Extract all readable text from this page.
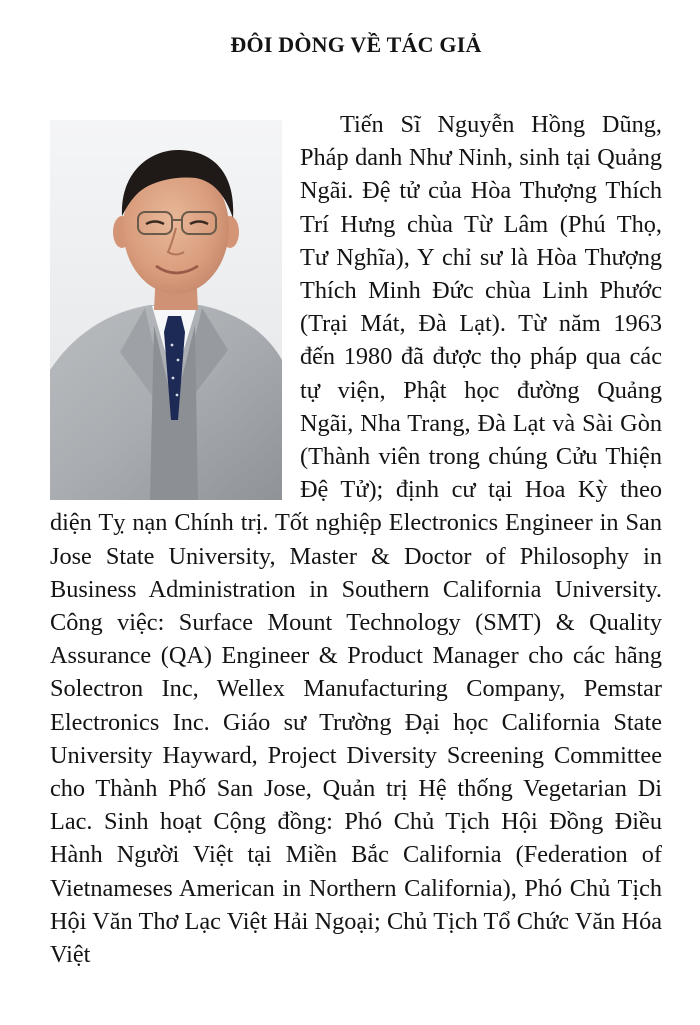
ĐÔI DÒNG VỀ TÁC GIẢ
Tiến Sĩ Nguyễn Hồng Dũng, Pháp danh Như Ninh, sinh tại Quảng Ngãi. Đệ tử của Hòa Thượng Thích Trí Hưng chùa Từ Lâm (Phú Thọ, Tư Nghĩa), Y chỉ sư là Hòa Thượng Thích Minh Đức chùa Linh Phước (Trại Mát, Đà Lạt). Từ năm 1963 đến 1980 đã được thọ pháp qua các tự viện, Phật học đường Quảng Ngãi, Nha Trang, Đà Lạt và Sài Gòn (Thành viên trong chúng Cửu Thiện Đệ Tử); định cư tại Hoa Kỳ theo diện Tỵ nạn Chính trị. Tốt nghiệp Electronics Engineer in San Jose State University, Master & Doctor of Philosophy in Business Administration in Southern California University. Công việc: Surface Mount Technology (SMT) & Quality Assurance (QA) Engineer & Product Manager cho các hãng Solectron Inc, Wellex Manufacturing Company, Pemstar Electronics Inc. Giáo sư Trường Đại học California State University Hayward, Project Diversity Screening Committee cho Thành Phố San Jose, Quản trị Hệ thống Vegetarian Di Lac. Sinh hoạt Cộng đồng: Phó Chủ Tịch Hội Đồng Điều Hành Người Việt tại Miền Bắc California (Federation of Vietnameses American in Northern California), Phó Chủ Tịch Hội Văn Thơ Lạc Việt Hải Ngoại; Chủ Tịch Tổ Chức Văn Hóa Việt
